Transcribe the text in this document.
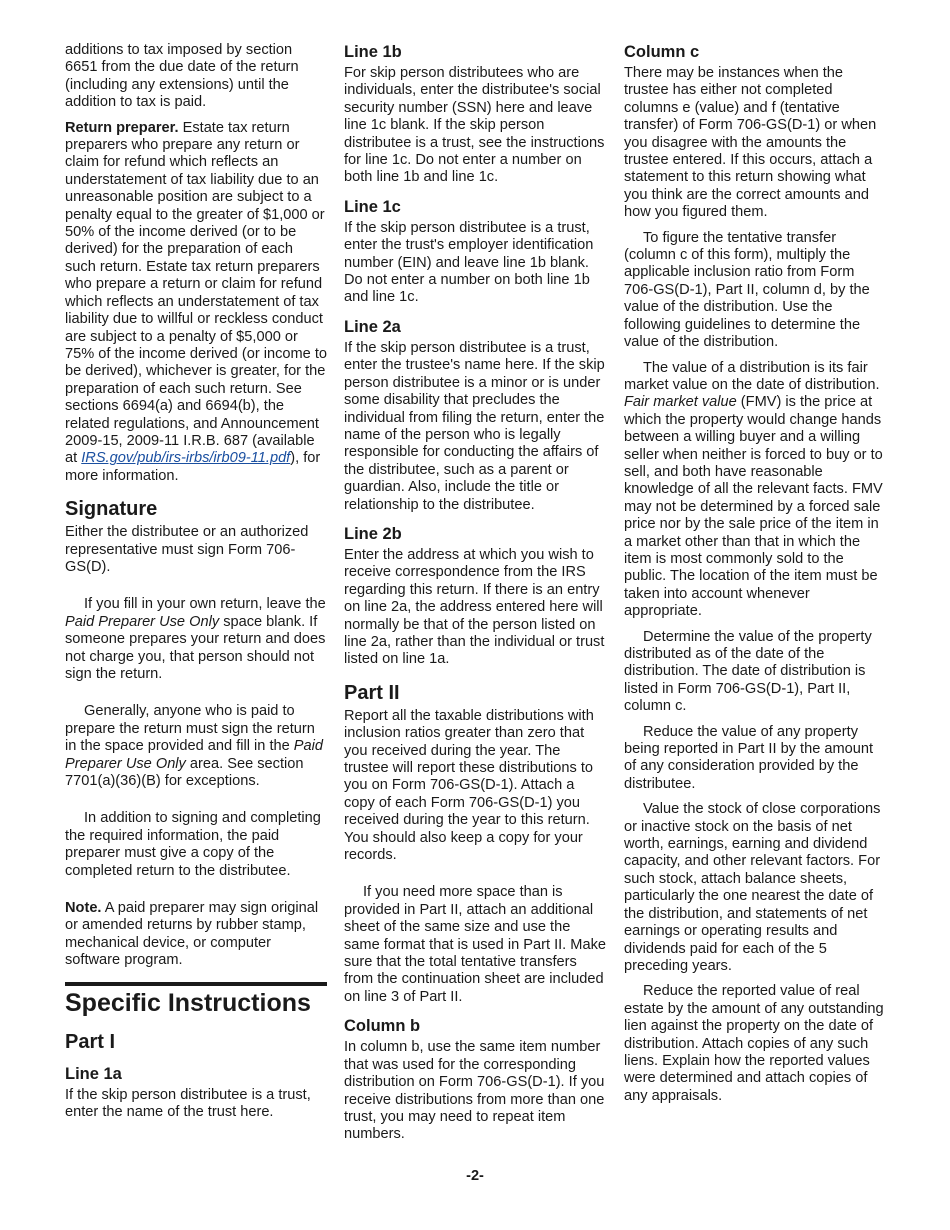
additions to tax imposed by section 6651 from the due date of the return (including any extensions) until the addition to tax is paid.

Return preparer. Estate tax return preparers who prepare any return or claim for refund which reflects an understatement of tax liability due to an unreasonable position are subject to a penalty equal to the greater of $1,000 or 50% of the income derived (or to be derived) for the preparation of each such return. Estate tax return preparers who prepare a return or claim for refund which reflects an understatement of tax liability due to willful or reckless conduct are subject to a penalty of $5,000 or 75% of the income derived (or income to be derived), whichever is greater, for the preparation of each such return. See sections 6694(a) and 6694(b), the related regulations, and Announcement 2009-15, 2009-11 I.R.B. 687 (available at IRS.gov/pub/irs-irbs/irb09-11.pdf), for more information.

Signature

Either the distributee or an authorized representative must sign Form 706-GS(D).

If you fill in your own return, leave the Paid Preparer Use Only space blank. If someone prepares your return and does not charge you, that person should not sign the return.

Generally, anyone who is paid to prepare the return must sign the return in the space provided and fill in the Paid Preparer Use Only area. See section 7701(a)(36)(B) for exceptions.

In addition to signing and completing the required information, the paid preparer must give a copy of the completed return to the distributee.

Note. A paid preparer may sign original or amended returns by rubber stamp, mechanical device, or computer software program.

Specific Instructions
Part I
Line 1a

If the skip person distributee is a trust, enter the name of the trust here.

Line 1b

For skip person distributees who are individuals, enter the distributee's social security number (SSN) here and leave line 1c blank. If the skip person distributee is a trust, see the instructions for line 1c. Do not enter a number on both line 1b and line 1c.

Line 1c

If the skip person distributee is a trust, enter the trust's employer identification number (EIN) and leave line 1b blank. Do not enter a number on both line 1b and line 1c.

Line 2a

If the skip person distributee is a trust, enter the trustee's name here. If the skip person distributee is a minor or is under some disability that precludes the individual from filing the return, enter the name of the person who is legally responsible for conducting the affairs of the distributee, such as a parent or guardian. Also, include the title or relationship to the distributee.

Line 2b

Enter the address at which you wish to receive correspondence from the IRS regarding this return. If there is an entry on line 2a, the address entered here will normally be that of the person listed on line 2a, rather than the individual or trust listed on line 1a.

Part II

Report all the taxable distributions with inclusion ratios greater than zero that you received during the year. The trustee will report these distributions to you on Form 706-GS(D-1). Attach a copy of each Form 706-GS(D-1) you received during the year to this return. You should also keep a copy for your records.

If you need more space than is provided in Part II, attach an additional sheet of the same size and use the same format that is used in Part II. Make sure that the total tentative transfers from the continuation sheet are included on line 3 of Part II.

Column b

In column b, use the same item number that was used for the corresponding distribution on Form 706-GS(D-1). If you receive distributions from more than one trust, you may need to repeat item numbers.

Column c

There may be instances when the trustee has either not completed columns e (value) and f (tentative transfer) of Form 706-GS(D-1) or when you disagree with the amounts the trustee entered. If this occurs, attach a statement to this return showing what you think are the correct amounts and how you figured them.

To figure the tentative transfer (column c of this form), multiply the applicable inclusion ratio from Form 706-GS(D-1), Part II, column d, by the value of the distribution. Use the following guidelines to determine the value of the distribution.

The value of a distribution is its fair market value on the date of distribution. Fair market value (FMV) is the price at which the property would change hands between a willing buyer and a willing seller when neither is forced to buy or to sell, and both have reasonable knowledge of all the relevant facts. FMV may not be determined by a forced sale price nor by the sale price of the item in a market other than that in which the item is most commonly sold to the public. The location of the item must be taken into account whenever appropriate.

Determine the value of the property distributed as of the date of the distribution. The date of distribution is listed in Form 706-GS(D-1), Part II, column c.

Reduce the value of any property being reported in Part II by the amount of any consideration provided by the distributee.

Value the stock of close corporations or inactive stock on the basis of net worth, earnings, earning and dividend capacity, and other relevant factors. For such stock, attach balance sheets, particularly the one nearest the date of the distribution, and statements of net earnings or operating results and dividends paid for each of the 5 preceding years.

Reduce the reported value of real estate by the amount of any outstanding lien against the property on the date of distribution. Attach copies of any such liens. Explain how the reported values were determined and attach copies of any appraisals.

-2-
